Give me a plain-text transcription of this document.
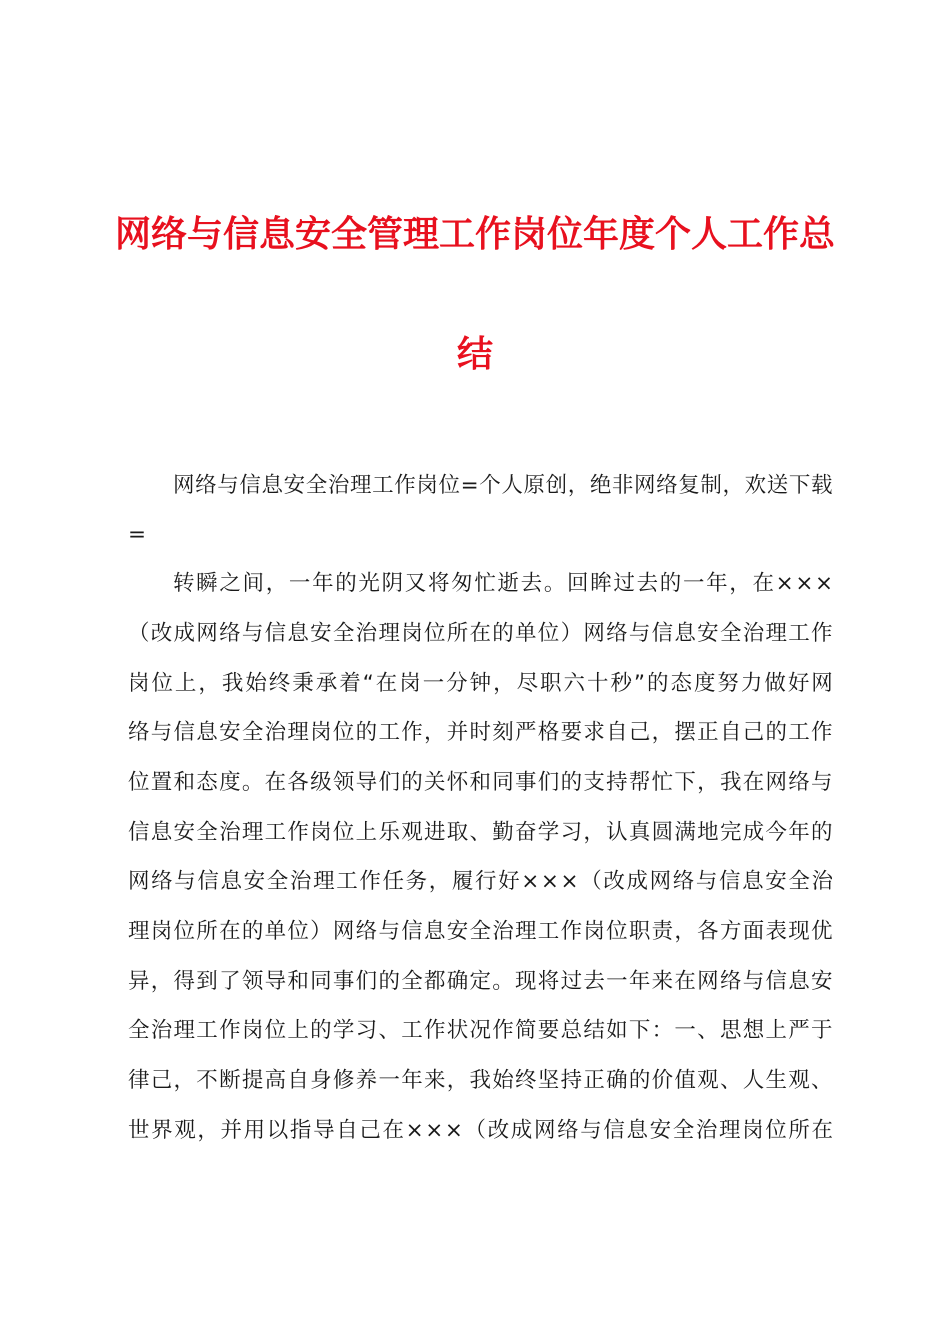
网络与信息安全管理工作岗位年度个人工作总
结
网络与信息安全治理工作岗位=个人原创，绝非网络复制，欢送下载
=
转瞬之间，一年的光阴又将匆忙逝去。回眸过去的一年，在×××
（改成网络与信息安全治理岗位所在的单位）网络与信息安全治理工作
岗位上，我始终秉承着“在岗一分钟，尽职六十秒”的态度努力做好网
络与信息安全治理岗位的工作，并时刻严格要求自己，摆正自己的工作
位置和态度。在各级领导们的关怀和同事们的支持帮忙下，我在网络与
信息安全治理工作岗位上乐观进取、勤奋学习，认真圆满地完成今年的
网络与信息安全治理工作任务，履行好×××（改成网络与信息安全治
理岗位所在的单位）网络与信息安全治理工作岗位职责，各方面表现优
异，得到了领导和同事们的全都确定。现将过去一年来在网络与信息安
全治理工作岗位上的学习、工作状况作简要总结如下：一、思想上严于
律己，不断提高自身修养一年来，我始终坚持正确的价值观、人生观、
世界观，并用以指导自己在×××（改成网络与信息安全治理岗位所在
